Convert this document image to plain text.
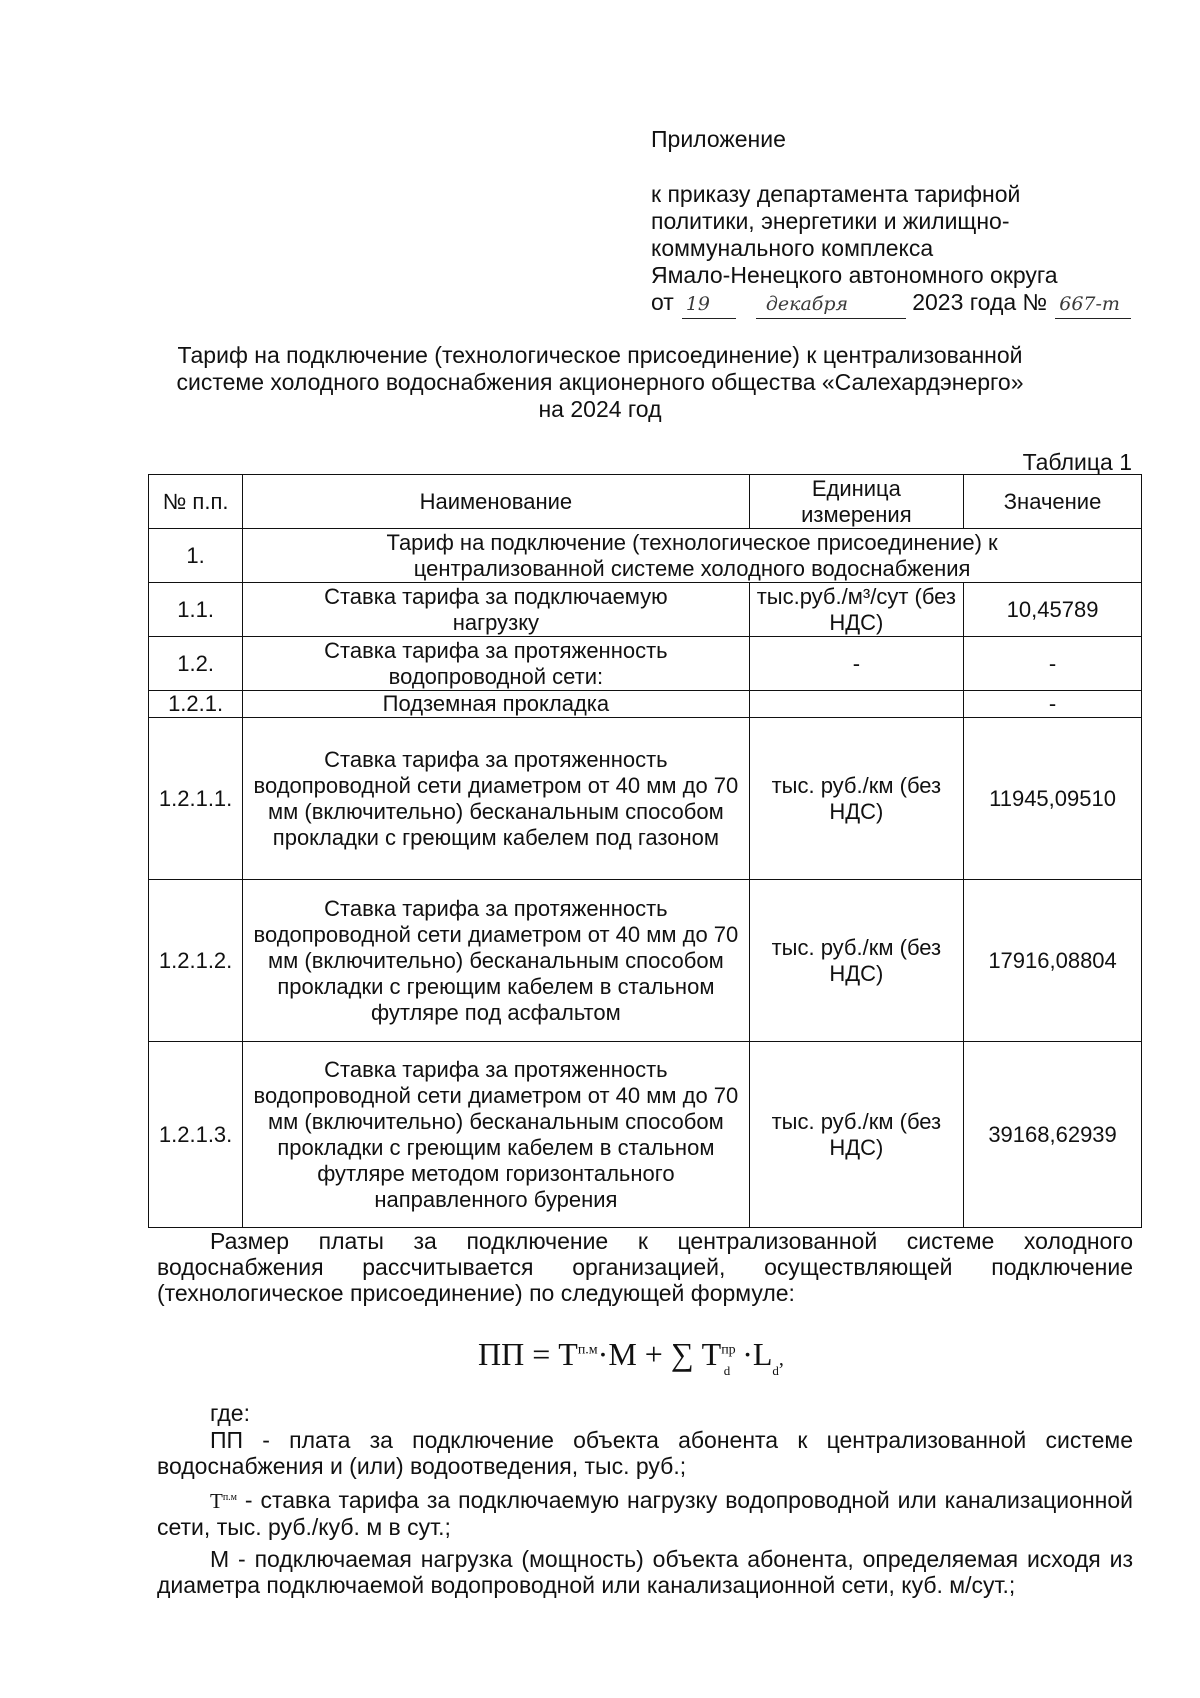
Приложение
к приказу департамента тарифной
политики, энергетики и жилищно-
коммунального комплекса
Ямало-Ненецкого автономного округа
от 19	декабря	2023 года № 667-т
Тариф на подключение (технологическое присоединение) к централизованной
системе холодного водоснабжения акционерного общества «Салехардэнерго»
на 2024 год
Таблица 1
№ п.п.	Наименование	Единица измерения	Значение
1.	Тариф на подключение (технологическое присоединение) к централизованной системе холодного водоснабжения		
1.1.	Ставка тарифа за подключаемую нагрузку	тыс.руб./м³/сут (без НДС)	10,45789
1.2.	Ставка тарифа за протяженность водопроводной сети:	-	-
1.2.1.	Подземная прокладка		-
1.2.1.1.	Ставка тарифа за протяженность водопроводной сети диаметром от 40 мм до 70 мм (включительно) бесканальным способом прокладки с греющим кабелем под газоном	тыс. руб./км (без НДС)	11945,09510
1.2.1.2.	Ставка тарифа за протяженность водопроводной сети диаметром от 40 мм до 70 мм (включительно) бесканальным способом прокладки с греющим кабелем в стальном футляре под асфальтом	тыс. руб./км (без НДС)	17916,08804
1.2.1.3.	Ставка тарифа за протяженность водопроводной сети диаметром от 40 мм до 70 мм (включительно) бесканальным способом прокладки с греющим кабелем в стальном футляре методом горизонтального направленного бурения	тыс. руб./км (без НДС)	39168,62939

Размер платы за подключение к централизованной системе холодного водоснабжения рассчитывается организацией, осуществляющей подключение (технологическое присоединение) по следующей формуле:

ПП = $Т^{п.м}\cdot М$ + ∑ $Т^{пр}_d \cdot L_d$,
где:

ПП - плата за подключение объекта абонента к централизованной системе водоснабжения и (или) водоотведения, тыс. руб.;

$Т^{п.м}$ - ставка тарифа за подключаемую нагрузку водопроводной или канализационной сети, тыс. руб./куб. м в сут.;

М - подключаемая нагрузка (мощность) объекта абонента, определяемая исходя из диаметра подключаемой водопроводной или канализационной сети, куб. м/сут.;
